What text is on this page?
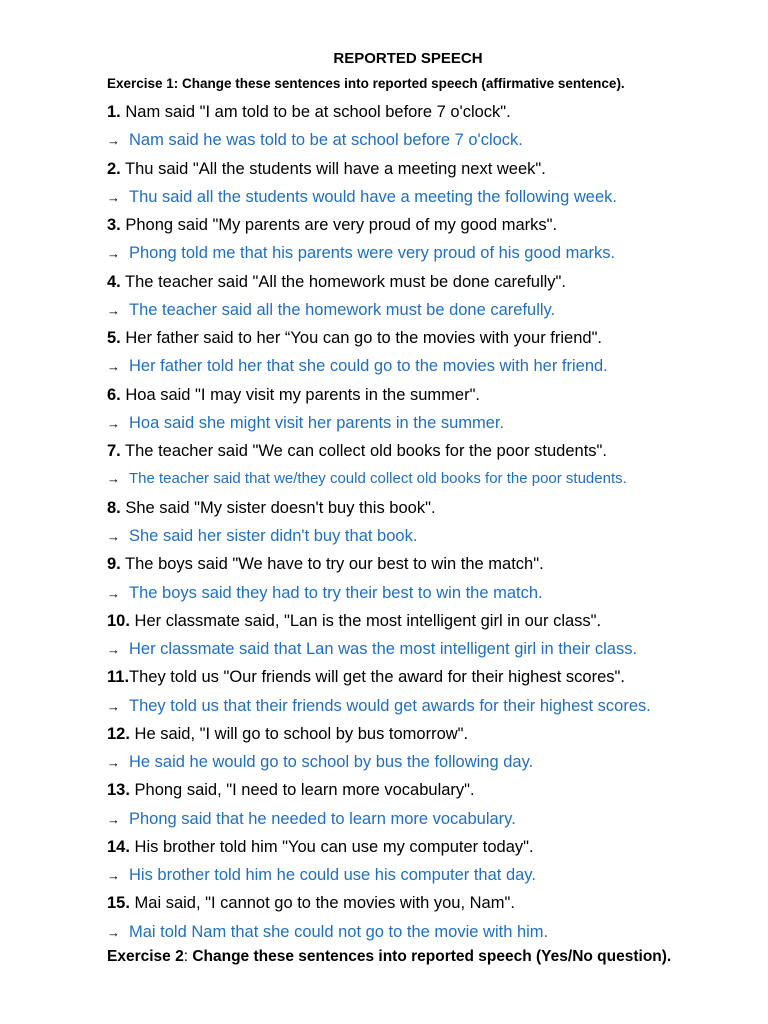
REPORTED SPEECH
Exercise 1: Change these sentences into reported speech (affirmative sentence).
1. Nam said "I am told to be at school before 7 o'clock".
→ Nam said he was told to be at school before 7 o'clock.
2. Thu said "All the students will have a meeting next week".
→ Thu said all the students would have a meeting the following week.
3. Phong said "My parents are very proud of my good marks".
→ Phong told me that his parents were very proud of his good marks.
4. The teacher said "All the homework must be done carefully".
→ The teacher said all the homework must be done carefully.
5. Her father said to her “You can go to the movies with your friend".
→ Her father told her that she could go to the movies with her friend.
6. Hoa said "I may visit my parents in the summer".
→ Hoa said she might visit her parents in the summer.
7. The teacher said "We can collect old books for the poor students".
→ The teacher said that we/they could collect old books for the poor students.
8. She said "My sister doesn't buy this book".
→ She said her sister didn't buy that book.
9. The boys said "We have to try our best to win the match".
→ The boys said they had to try their best to win the match.
10. Her classmate said, "Lan is the most intelligent girl in our class".
→ Her classmate said that Lan was the most intelligent girl in their class.
11.They told us "Our friends will get the award for their highest scores".
→ They told us that their friends would get awards for their highest scores.
12. He said, "I will go to school by bus tomorrow".
→ He said he would go to school by bus the following day.
13. Phong said, "I need to learn more vocabulary".
→ Phong said that he needed to learn more vocabulary.
14. His brother told him "You can use my computer today".
→ His brother told him he could use his computer that day.
15. Mai said, "I cannot go to the movies with you, Nam".
→ Mai told Nam that she could not go to the movie with him.
Exercise 2: Change these sentences into reported speech (Yes/No question).
